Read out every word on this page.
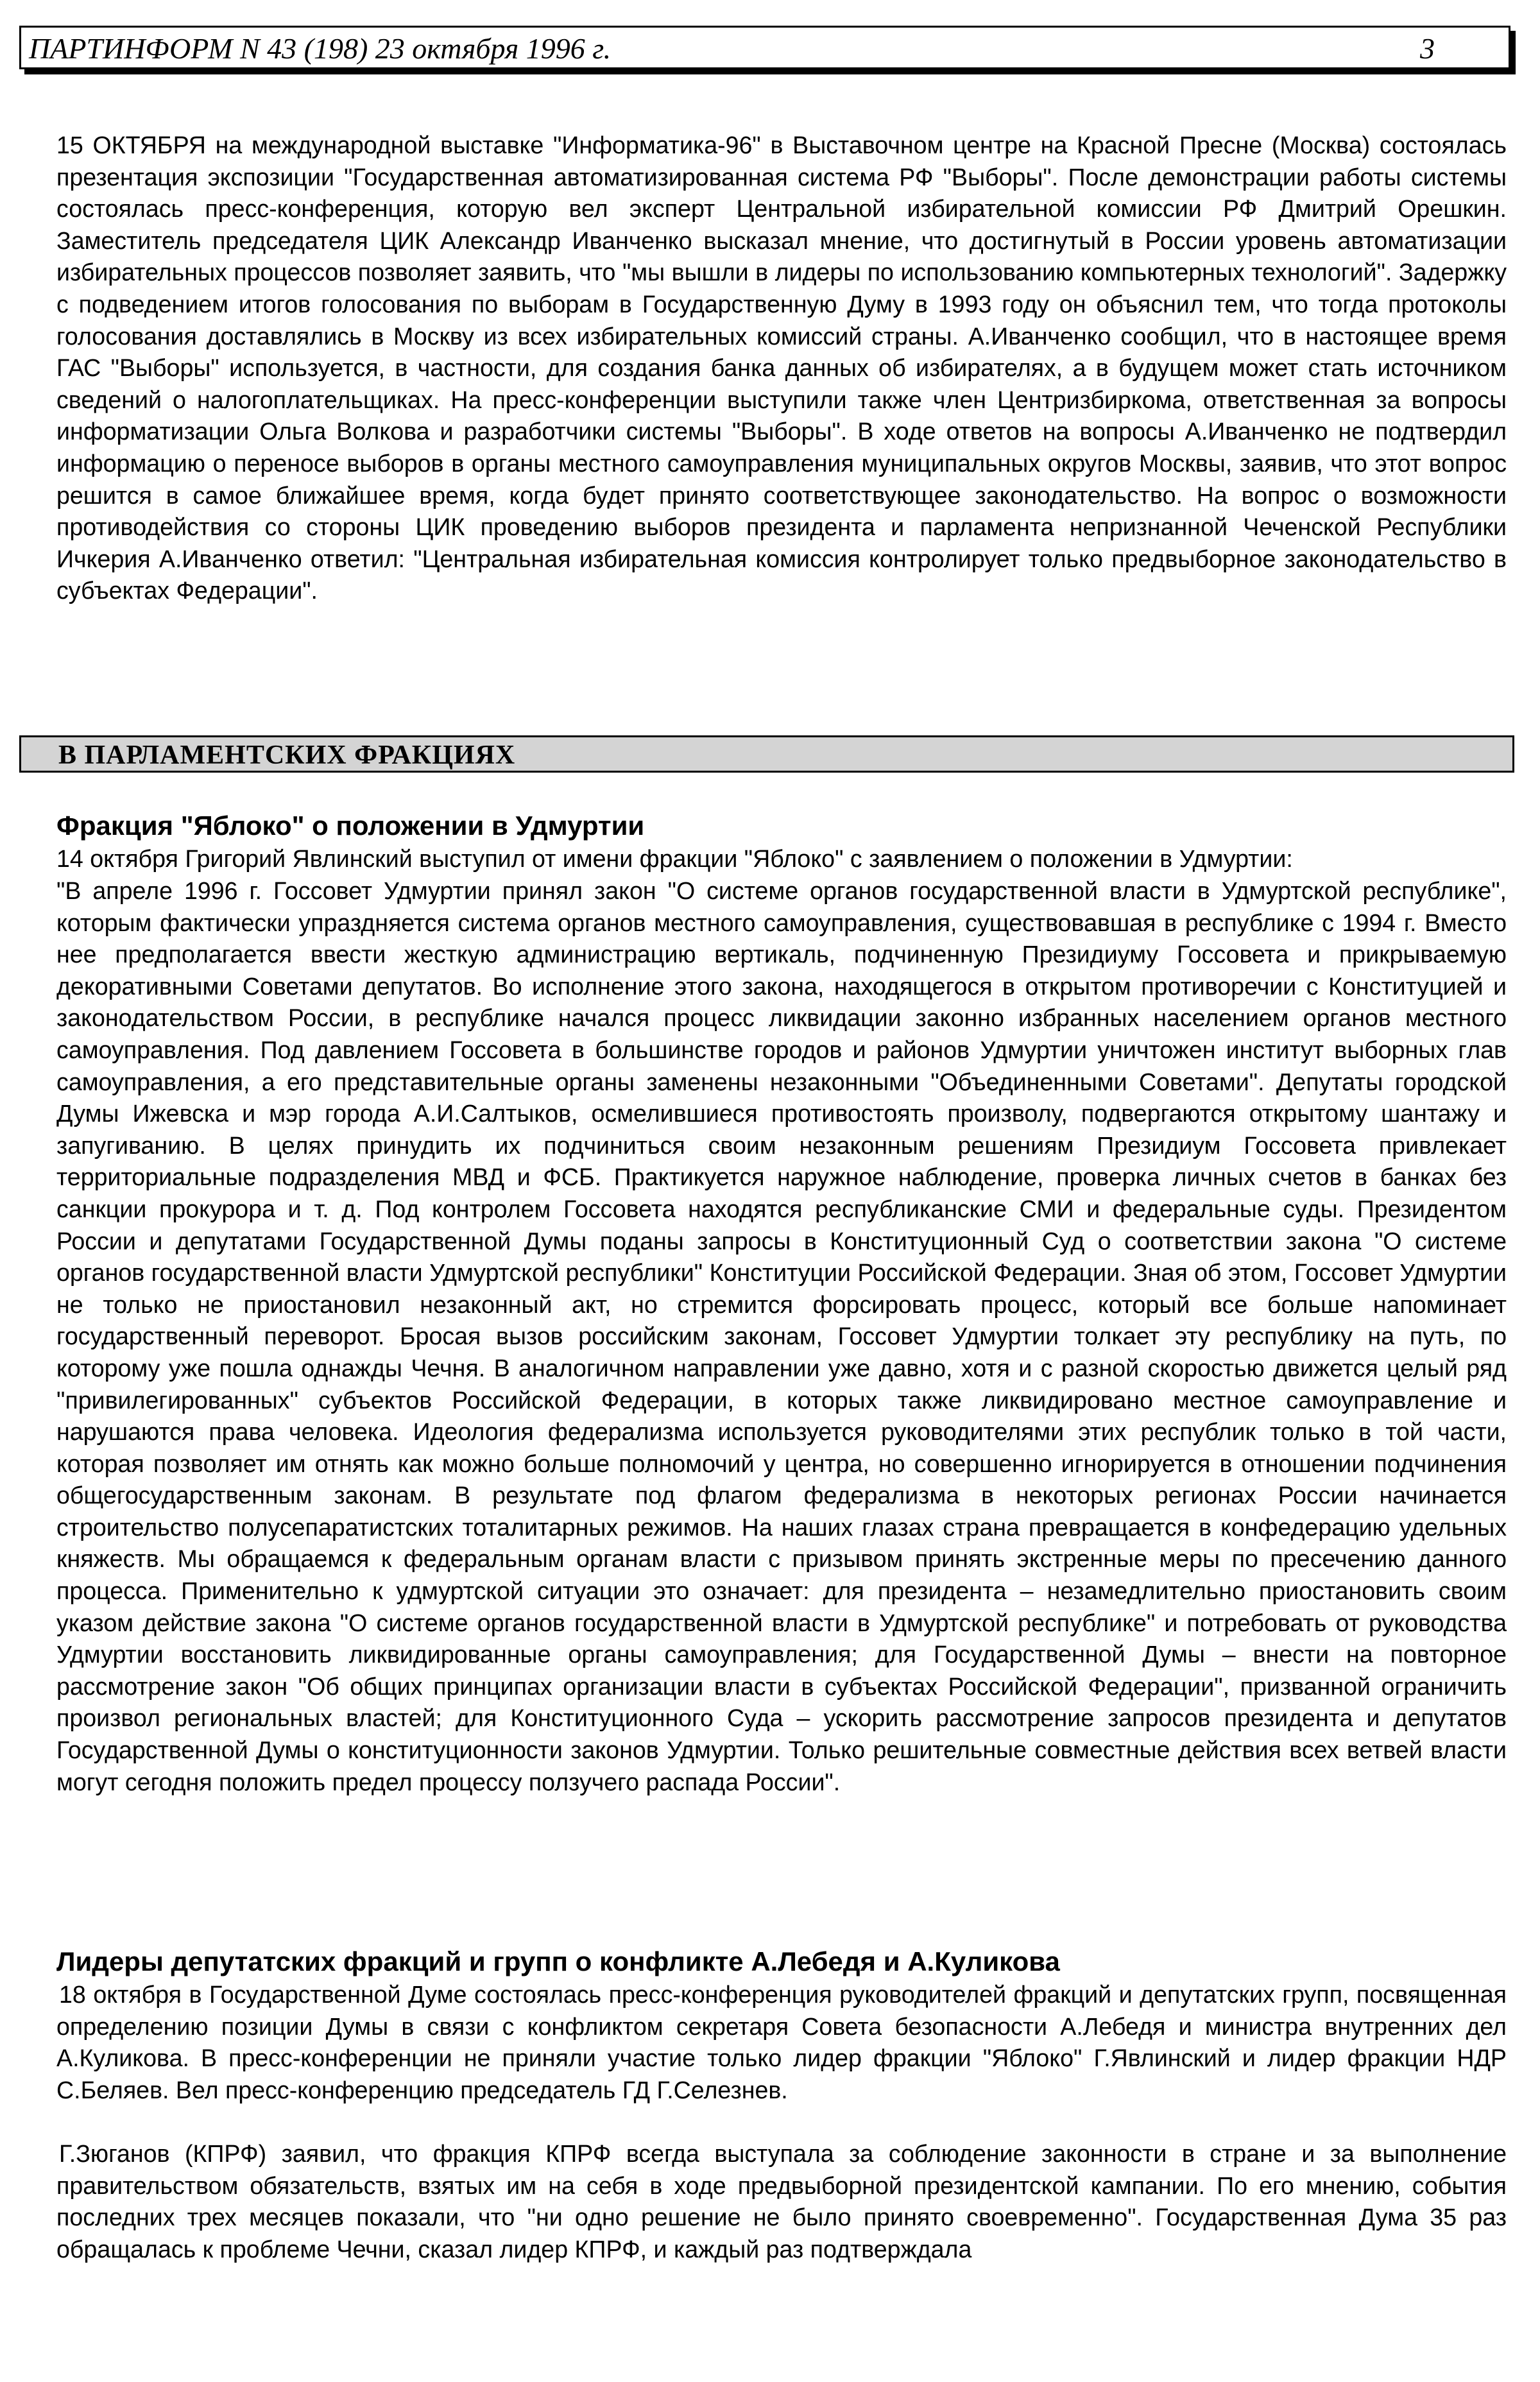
ПАРТИНФОРМ N 43 (198) 23 октября 1996 г.	3

15 ОКТЯБРЯ на международной выставке "Информатика-96" в Выставочном центре на Красной Пресне (Москва) состоялась презентация экспозиции "Государственная автоматизированная система РФ "Выборы". После демонстрации работы системы состоялась пресс-конференция, которую вел эксперт Центральной избирательной комиссии РФ Дмитрий Орешкин. Заместитель председателя ЦИК Александр Иванченко высказал мнение, что достигнутый в России уровень автоматизации избирательных процессов позволяет заявить, что "мы вышли в лидеры по использованию компьютерных технологий". Задержку с подведением итогов голосования по выборам в Государственную Думу в 1993 году он объяснил тем, что тогда протоколы голосования доставлялись в Москву из всех избирательных комиссий страны. А.Иванченко сообщил, что в настоящее время ГАС "Выборы" используется, в частности, для создания банка данных об избирателях, а в будущем может стать источником сведений о налогоплательщиках. На пресс-конференции выступили также член Центризбиркома, ответственная за вопросы информатизации Ольга Волкова и разработчики системы "Выборы". В ходе ответов на вопросы А.Иванченко не подтвердил информацию о переносе выборов в органы местного самоуправления муниципальных округов Москвы, заявив, что этот вопрос решится в самое ближайшее время, когда будет принято соответствующее законодательство. На вопрос о возможности противодействия со стороны ЦИК проведению выборов президента и парламента непризнанной Чеченской Республики Ичкерия А.Иванченко ответил: "Центральная избирательная комиссия контролирует только предвыборное законодательство в субъектах Федерации".

В ПАРЛАМЕНТСКИХ ФРАКЦИЯХ
Фракция "Яблоко" о положении в Удмуртии

14 октября Григорий Явлинский выступил от имени фракции "Яблоко" с заявлением о положении в Удмуртии:

"В апреле 1996 г. Госсовет Удмуртии принял закон "О системе органов государственной власти в Удмуртской республике", которым фактически упраздняется система органов местного самоуправления, существовавшая в республике с 1994 г. Вместо нее предполагается ввести жесткую администрацию вертикаль, подчиненную Президиуму Госсовета и прикрываемую декоративными Советами депутатов. Во исполнение этого закона, находящегося в открытом противоречии с Конституцией и законодательством России, в республике начался процесс ликвидации законно избранных населением органов местного самоуправления. Под давлением Госсовета в большинстве городов и районов Удмуртии уничтожен институт выборных глав самоуправления, а его представительные органы заменены незаконными "Объединенными Советами". Депутаты городской Думы Ижевска и мэр города А.И.Салтыков, осмелившиеся противостоять произволу, подвергаются открытому шантажу и запугиванию. В целях принудить их подчиниться своим незаконным решениям Президиум Госсовета привлекает территориальные подразделения МВД и ФСБ. Практикуется наружное наблюдение, проверка личных счетов в банках без санкции прокурора и т. д. Под контролем Госсовета находятся республиканские СМИ и федеральные суды. Президентом России и депутатами Государственной Думы поданы запросы в Конституционный Суд о соответствии закона "О системе органов государственной власти Удмуртской республики" Конституции Российской Федерации. Зная об этом, Госсовет Удмуртии не только не приостановил незаконный акт, но стремится форсировать процесс, который все больше напоминает государственный переворот. Бросая вызов российским законам, Госсовет Удмуртии толкает эту республику на путь, по которому уже пошла однажды Чечня. В аналогичном направлении уже давно, хотя и с разной скоростью движется целый ряд "привилегированных" субъектов Российской Федерации, в которых также ликвидировано местное самоуправление и нарушаются права человека. Идеология федерализма используется руководителями этих республик только в той части, которая позволяет им отнять как можно больше полномочий у центра, но совершенно игнорируется в отношении подчинения общегосударственным законам. В результате под флагом федерализма в некоторых регионах России начинается строительство полусепаратистских тоталитарных режимов. На наших глазах страна превращается в конфедерацию удельных княжеств. Мы обращаемся к федеральным органам власти с призывом принять экстренные меры по пресечению данного процесса. Применительно к удмуртской ситуации это означает: для президента – незамедлительно приостановить своим указом действие закона "О системе органов государственной власти в Удмуртской республике" и потребовать от руководства Удмуртии восстановить ликвидированные органы самоуправления; для Государственной Думы – внести на повторное рассмотрение закон "Об общих принципах организации власти в субъектах Российской Федерации", призванной ограничить произвол региональных властей; для Конституционного Суда – ускорить рассмотрение запросов президента и депутатов Государственной Думы о конституционности законов Удмуртии. Только решительные совместные действия всех ветвей власти могут сегодня положить предел процессу ползучего распада России".

Лидеры депутатских фракций и групп о конфликте А.Лебедя и А.Куликова

18 октября в Государственной Думе состоялась пресс-конференция руководителей фракций и депутатских групп, посвященная определению позиции Думы в связи с конфликтом секретаря Совета безопасности А.Лебедя и министра внутренних дел А.Куликова. В пресс-конференции не приняли участие только лидер фракции "Яблоко" Г.Явлинский и лидер фракции НДР С.Беляев. Вел пресс-конференцию председатель ГД Г.Селезнев.

Г.Зюганов (КПРФ) заявил, что фракция КПРФ всегда выступала за соблюдение законности в стране и за выполнение правительством обязательств, взятых им на себя в ходе предвыборной президентской кампании. По его мнению, события последних трех месяцев показали, что "ни одно решение не было принято своевременно". Государственная Дума 35 раз обращалась к проблеме Чечни, сказал лидер КПРФ, и каждый раз подтверждала
